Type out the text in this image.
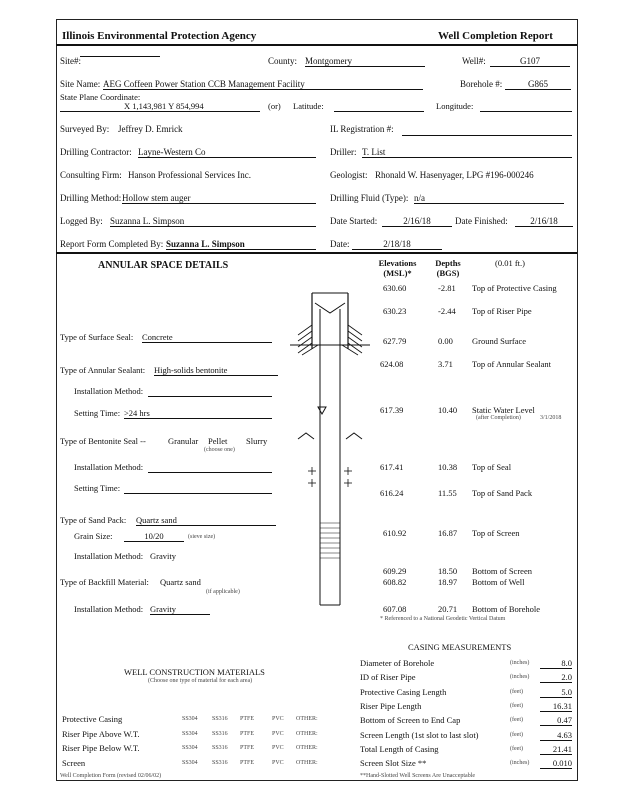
Illinois Environmental Protection Agency	Well Completion Report
Site#:	County: Montgomery	Well#:	G107
Site Name: AEG Coffeen Power Station CCB Management Facility	Borehole #:	G865
State Plane Coordinate:
X 1,143,981 Y 854,994	(or) Latitude:	Longitude:
Surveyed By: Jeffrey D. Emrick	IL Registration #:
Drilling Contractor: Layne-Western Co	Driller: T. List
Consulting Firm: Hanson Professional Services Inc.	Geologist: Rhonald W. Hasenyager, LPG #196-000246
Drilling Method: Hollow stem auger	Drilling Fluid (Type): n/a
Logged By: Suzanna L. Simpson	Date Started:	2/16/18	Date Finished:	2/16/18
Report Form Completed By: Suzanna L. Simpson	Date:	2/18/18
ANNULAR SPACE DETAILS	Elevations (MSL)*
Depths (BGS)
(0.01 ft.)
630.60	-2.81 Top of Protective Casing
630.23	-2.44 Top of Riser Pipe
627.79	0.00 Ground Surface
624.08	3.71 Top of Annular Sealant
617.39	10.40 Static Water Level
(after Completion)	3/1/2018
617.41	10.38 Top of Seal
616.24	11.55 Top of Sand Pack
610.92	16.87 Top of Screen
609.29	18.50 Bottom of Screen
608.82	18.97 Bottom of Well
607.08	20.71 Bottom of Borehole
* Referenced to a National Geodetic Vertical Datum
Type of Surface Seal: Concrete
Type of Annular Sealant: High-solids bentonite
Installation Method:
Setting Time: >24 hrs
Type of Bentonite Seal --	Granular Pellet Slurry
(choose one)
Installation Method:
Setting Time:
Type of Sand Pack: Quartz sand
Grain Size:	10/20	(sieve size)
Installation Method: Gravity
Type of Backfill Material: Quartz sand
(if applicable)
Installation Method: Gravity
CASING MEASUREMENTS
Diameter of Borehole	(inches)	8.0
ID of Riser Pipe	(inches)	2.0
Protective Casing Length	(feet)	5.0
Riser Pipe Length	(feet)	16.31
Bottom of Screen to End Cap	(feet)	0.47
Screen Length (1st slot to last slot)	(feet)	4.63
Total Length of Casing	(feet)	21.41
Screen Slot Size **	(inches)	0.010
WELL CONSTRUCTION MATERIALS
(Choose one type of material for each area)
Protective Casing	SS304 SS316 PTFE	PVC OTHER:
Riser Pipe Above W.T.	SS304 SS316 PTFE	PVC OTHER:
Riser Pipe Below W.T.	SS304 SS316 PTFE	PVC OTHER:
Screen	SS304 SS316 PTFE	PVC OTHER:
Well Completion Form (revised 02/06/02)	**Hand-Slotted Well Screens Are Unacceptable
